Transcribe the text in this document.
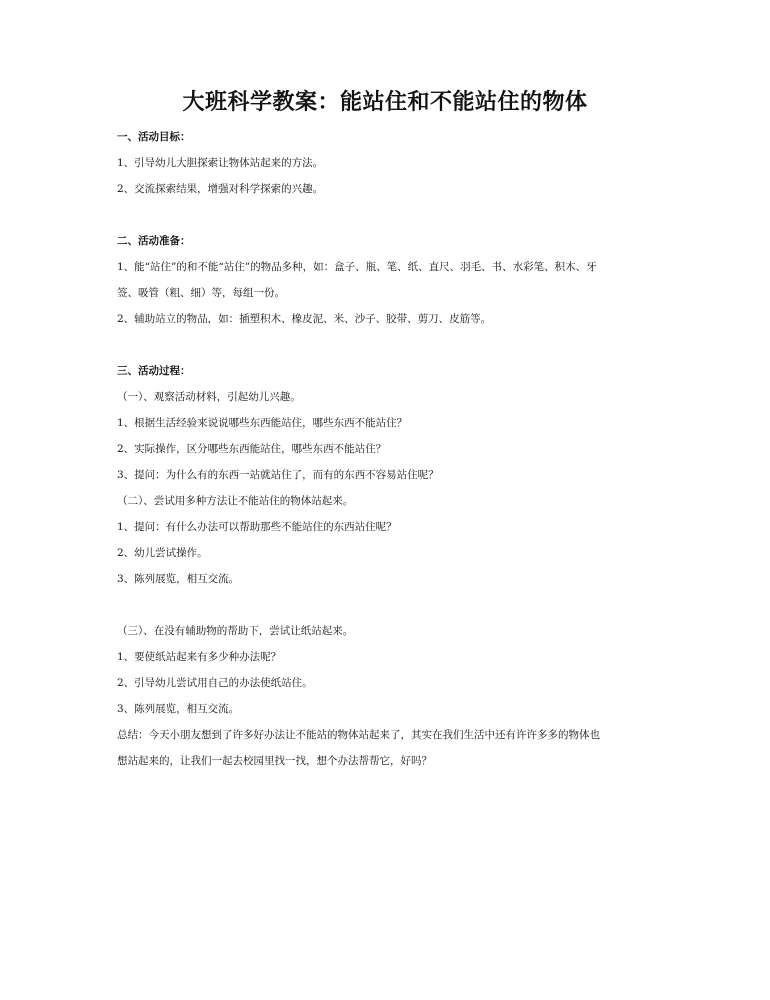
大班科学教案：能站住和不能站住的物体

一、活动目标：

1、引导幼儿大胆探索让物体站起来的方法。

2、交流探索结果，增强对科学探索的兴趣。

二、活动准备：

1、能“站住”的和不能“站住”的物品多种，如：盒子、瓶、笔、纸、直尺、羽毛、书、水彩笔、积木、牙

签、吸管（粗、细）等，每组一份。

2、辅助站立的物品，如：插塑积木、橡皮泥、米、沙子、胶带、剪刀、皮筋等。

三、活动过程：

（一）、观察活动材料，引起幼儿兴趣。

1、根据生活经验来说说哪些东西能站住，哪些东西不能站住？

2、实际操作，区分哪些东西能站住，哪些东西不能站住？

3、提问：为什么有的东西一站就站住了，而有的东西不容易站住呢？

（二）、尝试用多种方法让不能站住的物体站起来。

1、提问：有什么办法可以帮助那些不能站住的东西站住呢？

2、幼儿尝试操作。

3、陈列展览，相互交流。

（三）、在没有辅助物的帮助下，尝试让纸站起来。

1、要使纸站起来有多少种办法呢？

2、引导幼儿尝试用自己的办法使纸站住。

3、陈列展览，相互交流。

总结：今天小朋友想到了许多好办法让不能站的物体站起来了，其实在我们生活中还有许许多多的物体也

想站起来的，让我们一起去校园里找一找，想个办法帮帮它，好吗？
